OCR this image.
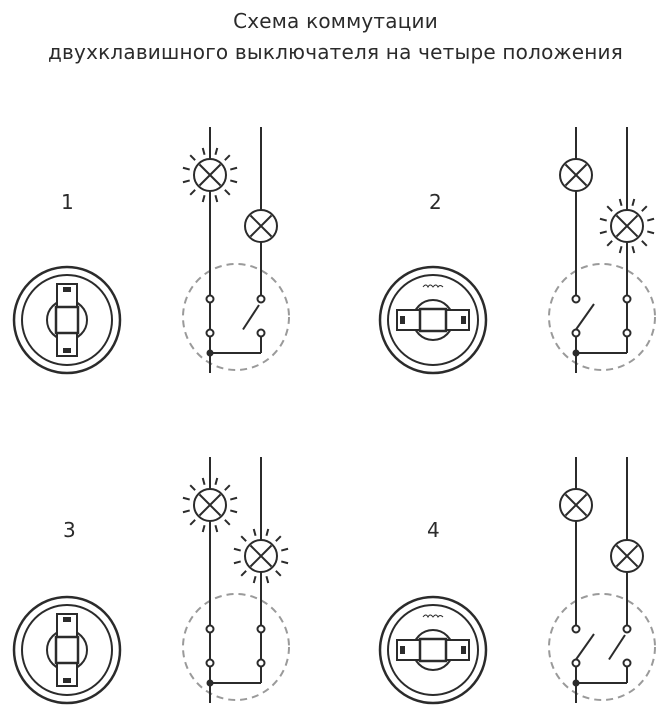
Схема коммутации
двухклавишного выключателя на четыре положения
1	2
3	4
